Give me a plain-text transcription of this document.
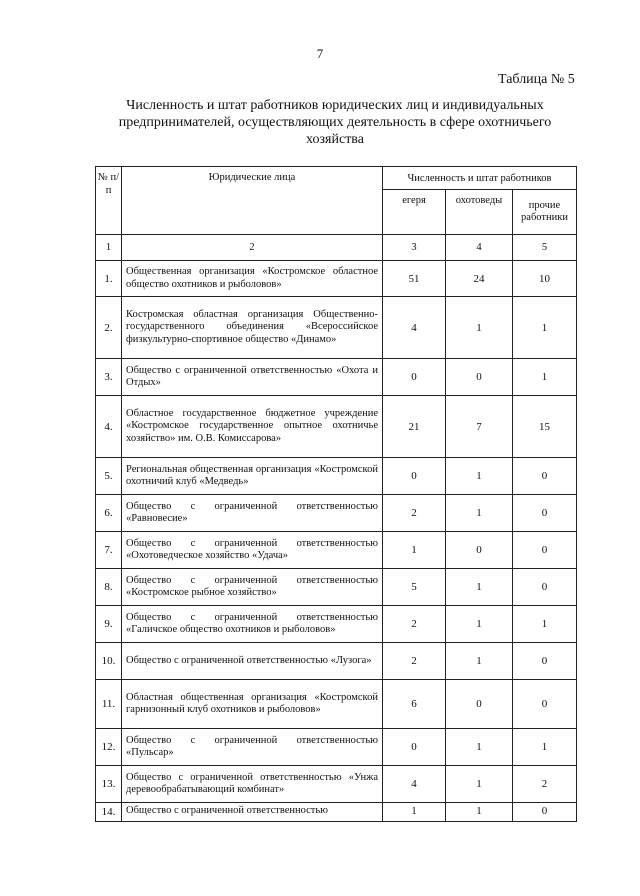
7
Таблица № 5
Численность и штат работников юридических лиц и индивидуальных предпринимателей, осуществляющих деятельность в сфере охотничьего хозяйства
№ п/п	Юридические лица	Численность и штат работников		
		егеря	охотоведы	прочие работники
1	2	3	4	5
1.	Общественная организация «Костромское областное общество охотников и рыболовов»	51	24	10
2.	Костромская областная организация Общественно-государственного объединения «Всероссийское физкультурно-спортивное общество «Динамо»	4	1	1
3.	Общество с ограниченной ответственностью «Охота и Отдых»	0	0	1
4.	Областное государственное бюджетное учреждение «Костромское государственное опытное охотничье хозяйство» им. О.В. Комиссарова»	21	7	15
5.	Региональная общественная организация «Костромской охотничий клуб «Медведь»	0	1	0
6.	Общество с ограниченной ответственностью «Равновесие»	2	1	0
7.	Общество с ограниченной ответственностью «Охотоведческое хозяйство «Удача»	1	0	0
8.	Общество с ограниченной ответственностью «Костромское рыбное хозяйство»	5	1	0
9.	Общество с ограниченной ответственностью «Галичское общество охотников и рыболовов»	2	1	1
10.	Общество с ограниченной ответственностью «Лузога»	2	1	0
11.	Областная общественная организация «Костромской гарнизонный клуб охотников и рыболовов»	6	0	0
12.	Общество с ограниченной ответственностью «Пульсар»	0	1	1
13.	Общество с ограниченной ответственностью «Унжа деревообрабатывающий комбинат»	4	1	2
14.	Общество с ограниченной ответственностью	1	1	0
